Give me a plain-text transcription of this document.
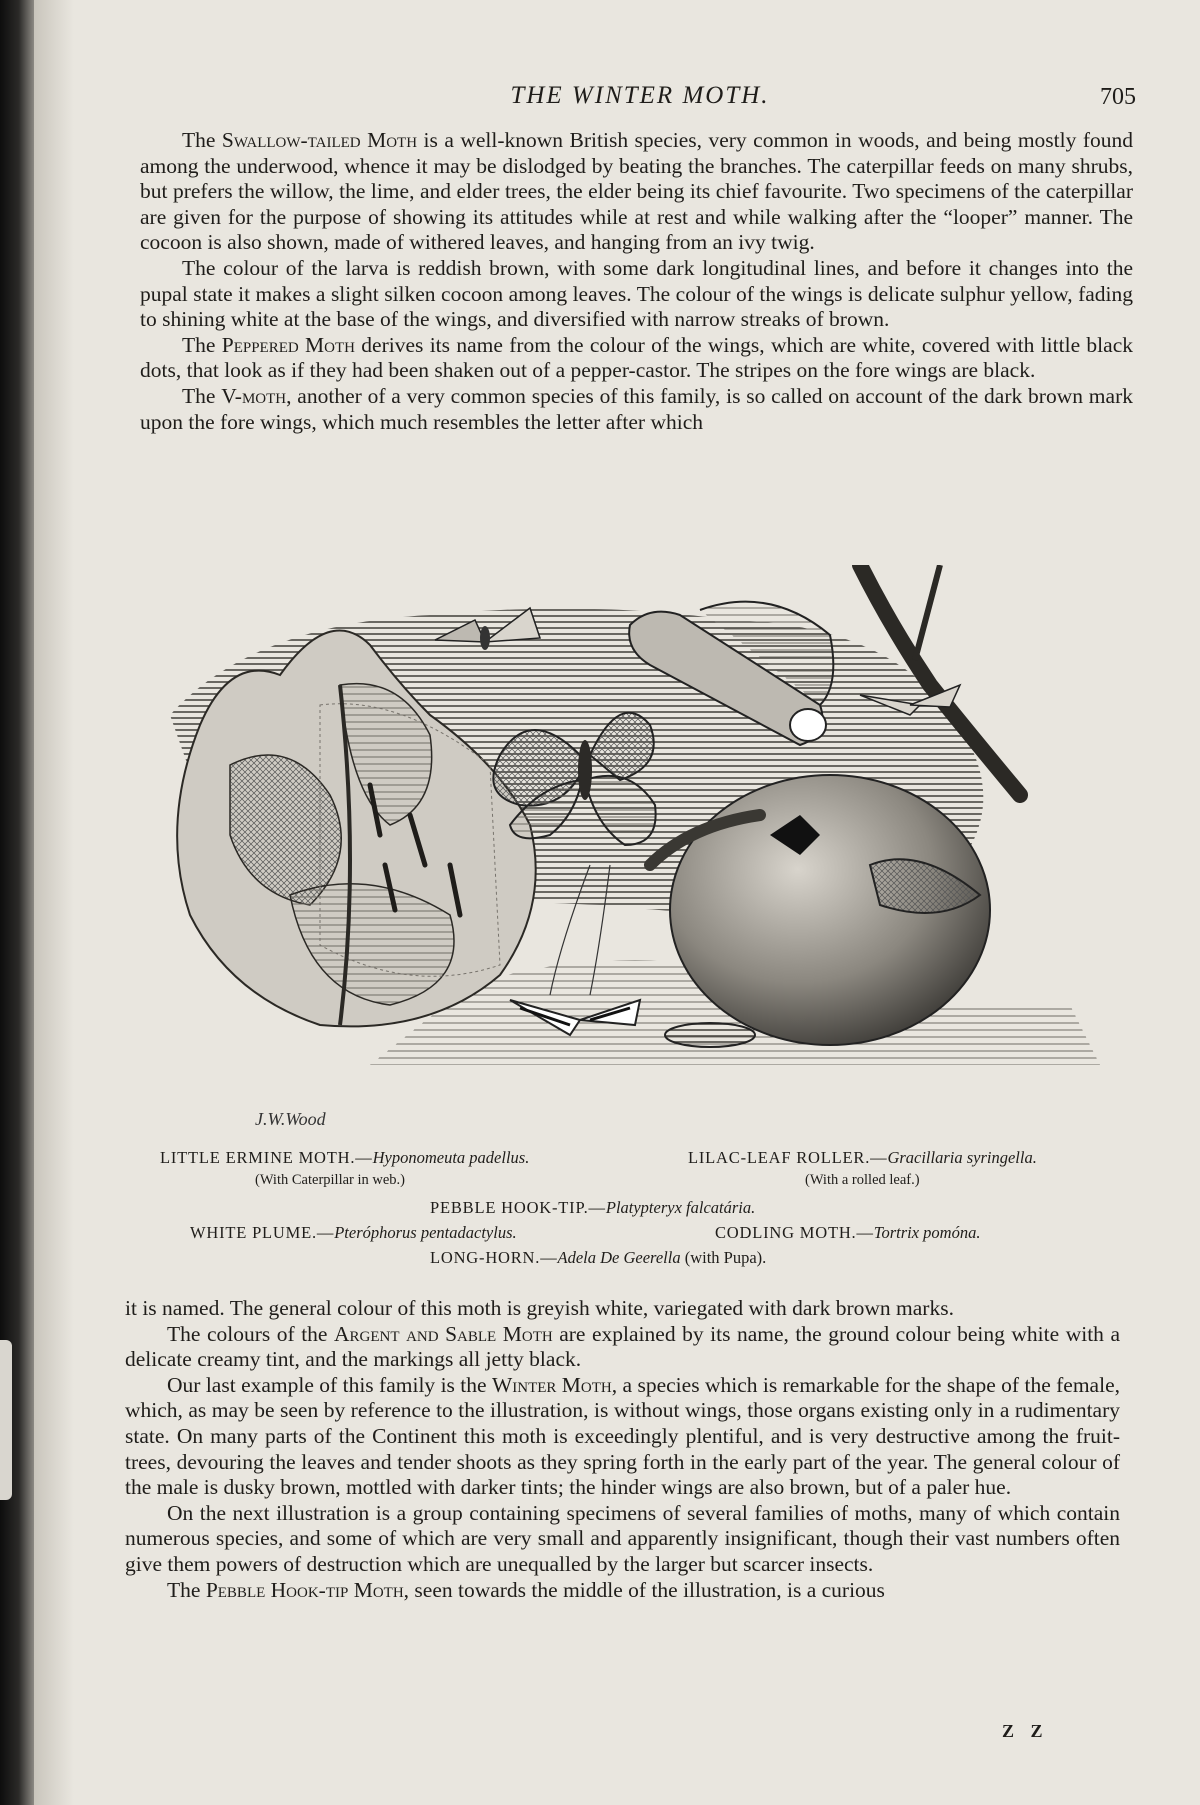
THE WINTER MOTH.	705

The Swallow-tailed Moth is a well-known British species, very common in woods, and being mostly found among the underwood, whence it may be dislodged by beating the branches. The caterpillar feeds on many shrubs, but prefers the willow, the lime, and elder trees, the elder being its chief favourite. Two specimens of the caterpillar are given for the purpose of showing its attitudes while at rest and while walking after the “looper” manner. The cocoon is also shown, made of withered leaves, and hanging from an ivy twig.

The colour of the larva is reddish brown, with some dark longitudinal lines, and before it changes into the pupal state it makes a slight silken cocoon among leaves. The colour of the wings is delicate sulphur yellow, fading to shining white at the base of the wings, and diversified with narrow streaks of brown.

The Peppered Moth derives its name from the colour of the wings, which are white, covered with little black dots, that look as if they had been shaken out of a pepper-castor. The stripes on the fore wings are black.

The V-moth, another of a very common species of this family, is so called on account of the dark brown mark upon the fore wings, which much resembles the letter after which

J.W.Wood
LITTLE ERMINE MOTH.—Hyponomeuta padellus.
(With Caterpillar in web.)
LILAC-LEAF ROLLER.—Gracillaria syringella.
(With a rolled leaf.)
PEBBLE HOOK-TIP.—Platypteryx falcatária.
WHITE PLUME.—Pteróphorus pentadactylus.	CODLING MOTH.—Tortrix pomóna.
LONG-HORN.—Adela De Geerella (with Pupa).

it is named. The general colour of this moth is greyish white, variegated with dark brown marks.

The colours of the Argent and Sable Moth are explained by its name, the ground colour being white with a delicate creamy tint, and the markings all jetty black.

Our last example of this family is the Winter Moth, a species which is remarkable for the shape of the female, which, as may be seen by reference to the illustration, is without wings, those organs existing only in a rudimentary state. On many parts of the Continent this moth is exceedingly plentiful, and is very destructive among the fruit-trees, devouring the leaves and tender shoots as they spring forth in the early part of the year. The general colour of the male is dusky brown, mottled with darker tints; the hinder wings are also brown, but of a paler hue.

On the next illustration is a group containing specimens of several families of moths, many of which contain numerous species, and some of which are very small and apparently insignificant, though their vast numbers often give them powers of destruction which are unequalled by the larger but scarcer insects.

The Pebble Hook-tip Moth, seen towards the middle of the illustration, is a curious

Z Z
